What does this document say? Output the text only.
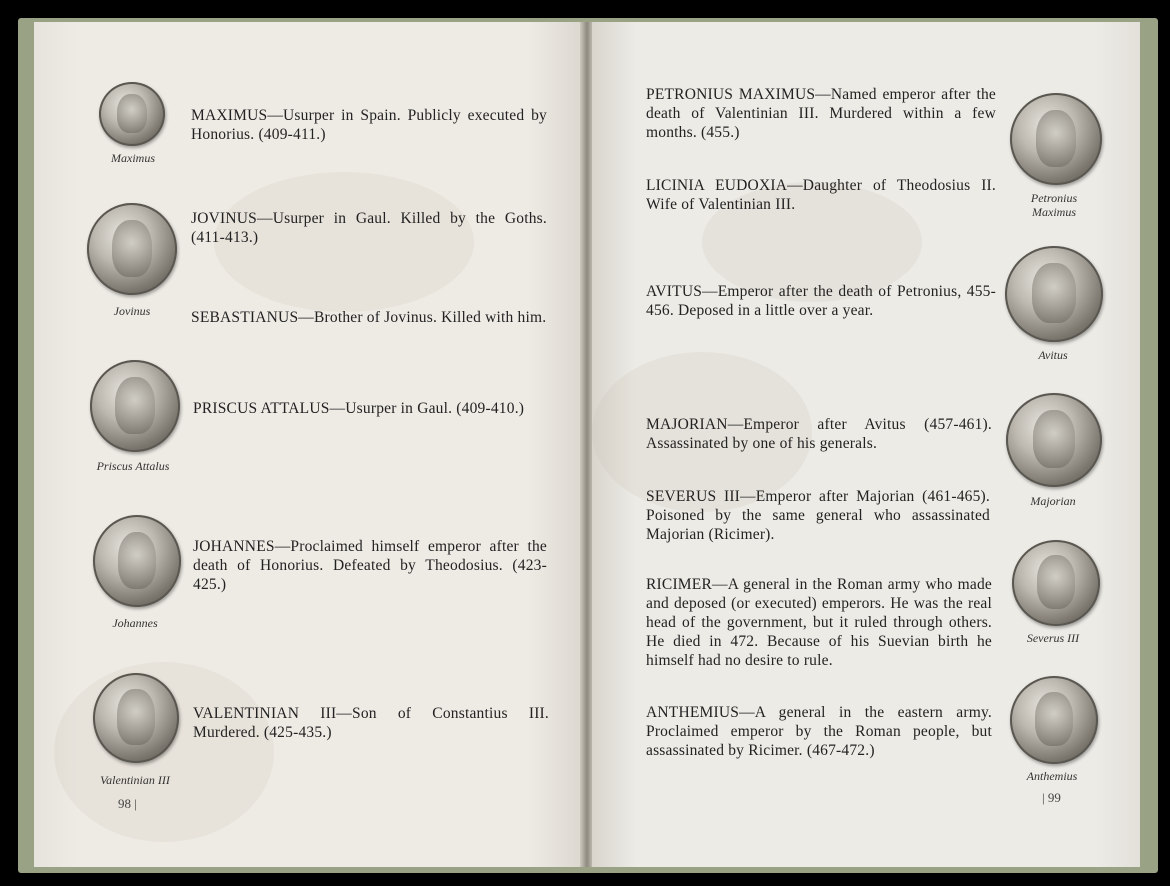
Maximus
MAXIMUS—Usurper in Spain. Publicly executed by Honorius. (409-411.)
Jovinus
JOVINUS—Usurper in Gaul. Killed by the Goths. (411-413.)
SEBASTIANUS—Brother of Jovinus. Killed with him.
Priscus Attalus
PRISCUS ATTALUS—Usurper in Gaul. (409-410.)
Johannes
JOHANNES—Proclaimed himself emperor after the death of Honorius. Defeated by Theodosius. (423-425.)
Valentinian III
VALENTINIAN III—Son of Constantius III. Murdered. (425-435.)
98 |
PETRONIUS MAXIMUS—Named emperor after the death of Valentinian III. Murdered within a few months. (455.)
Petronius Maximus
LICINIA EUDOXIA—Daughter of Theodosius II. Wife of Valentinian III.
AVITUS—Emperor after the death of Petronius, 455-456. Deposed in a little over a year.
Avitus
MAJORIAN—Emperor after Avitus (457-461). Assassinated by one of his generals.
Majorian
SEVERUS III—Emperor after Majorian (461-465). Poisoned by the same general who assassinated Majorian (Ricimer).
Severus III
RICIMER—A general in the Roman army who made and deposed (or executed) emperors. He was the real head of the government, but it ruled through others. He died in 472. Because of his Suevian birth he himself had no desire to rule.
ANTHEMIUS—A general in the eastern army. Proclaimed emperor by the Roman people, but assassinated by Ricimer. (467-472.)
Anthemius
| 99
